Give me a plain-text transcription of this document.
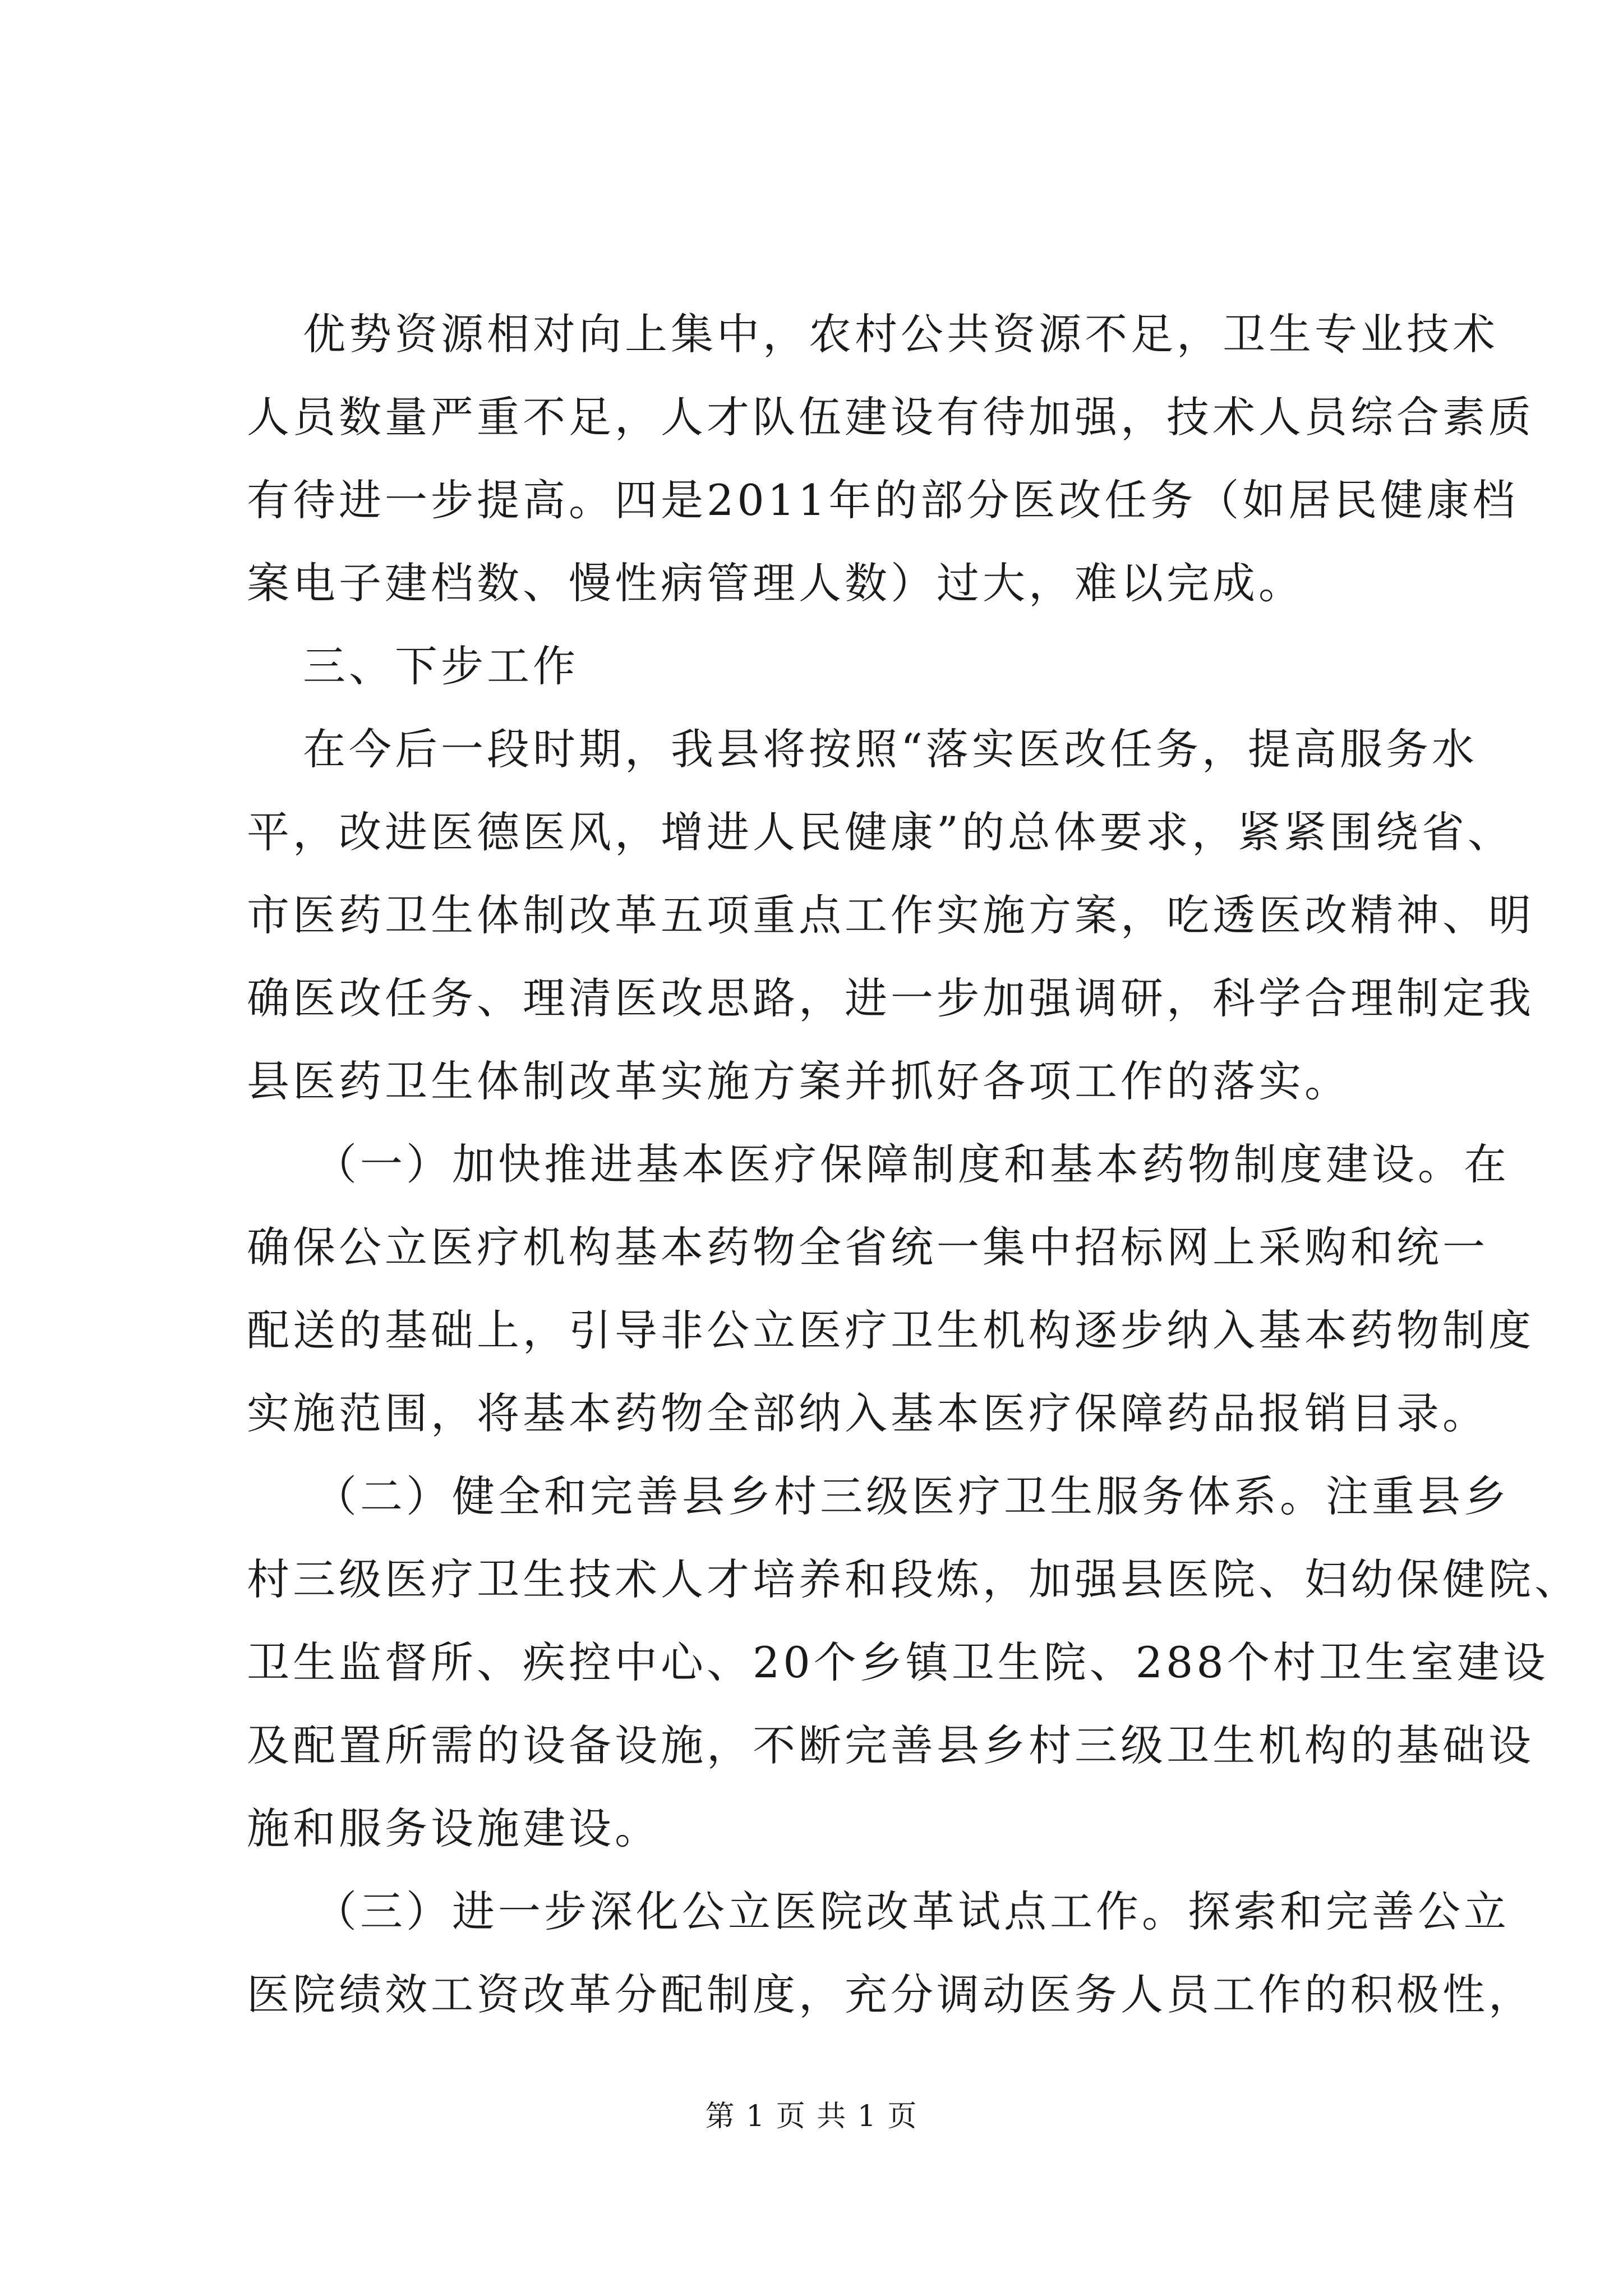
优势资源相对向上集中，农村公共资源不足，卫生专业技术
人员数量严重不足，人才队伍建设有待加强，技术人员综合素质
有待进一步提高。四是2011年的部分医改任务（如居民健康档
案电子建档数、慢性病管理人数）过大，难以完成。
三、下步工作
在今后一段时期，我县将按照“落实医改任务，提高服务水
平，改进医德医风，增进人民健康”的总体要求，紧紧围绕省、
市医药卫生体制改革五项重点工作实施方案，吃透医改精神、明
确医改任务、理清医改思路，进一步加强调研，科学合理制定我
县医药卫生体制改革实施方案并抓好各项工作的落实。
（一）加快推进基本医疗保障制度和基本药物制度建设。在
确保公立医疗机构基本药物全省统一集中招标网上采购和统一
配送的基础上，引导非公立医疗卫生机构逐步纳入基本药物制度
实施范围，将基本药物全部纳入基本医疗保障药品报销目录。
（二）健全和完善县乡村三级医疗卫生服务体系。注重县乡
村三级医疗卫生技术人才培养和段炼，加强县医院、妇幼保健院、
卫生监督所、疾控中心、20个乡镇卫生院、288个村卫生室建设
及配置所需的设备设施，不断完善县乡村三级卫生机构的基础设
施和服务设施建设。
（三）进一步深化公立医院改革试点工作。探索和完善公立
医院绩效工资改革分配制度，充分调动医务人员工作的积极性，
第 1 页 共 1 页
